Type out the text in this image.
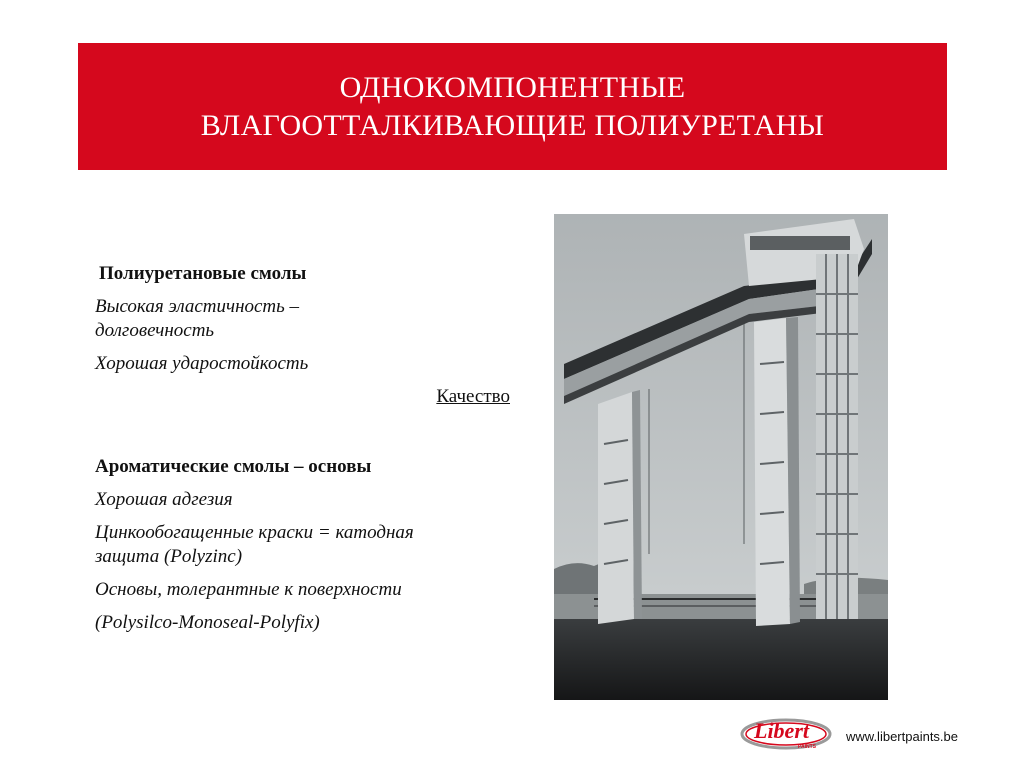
ОДНОКОМПОНЕНТНЫЕ
ВЛАГООТТАЛКИВАЮЩИЕ ПОЛИУРЕТАНЫ

Полиуретановые смолы

Высокая эластичность – долговечность

Хорошая ударостойкость

Качество

Ароматические смолы – основы

Хорошая адгезия

Цинкообогащенные краски = катодная защита (Polyzinc)

Основы, толерантные к поверхности

(Polysilco-Monoseal-Polyfix)

Libert
PAINTS
www.libertpaints.be
